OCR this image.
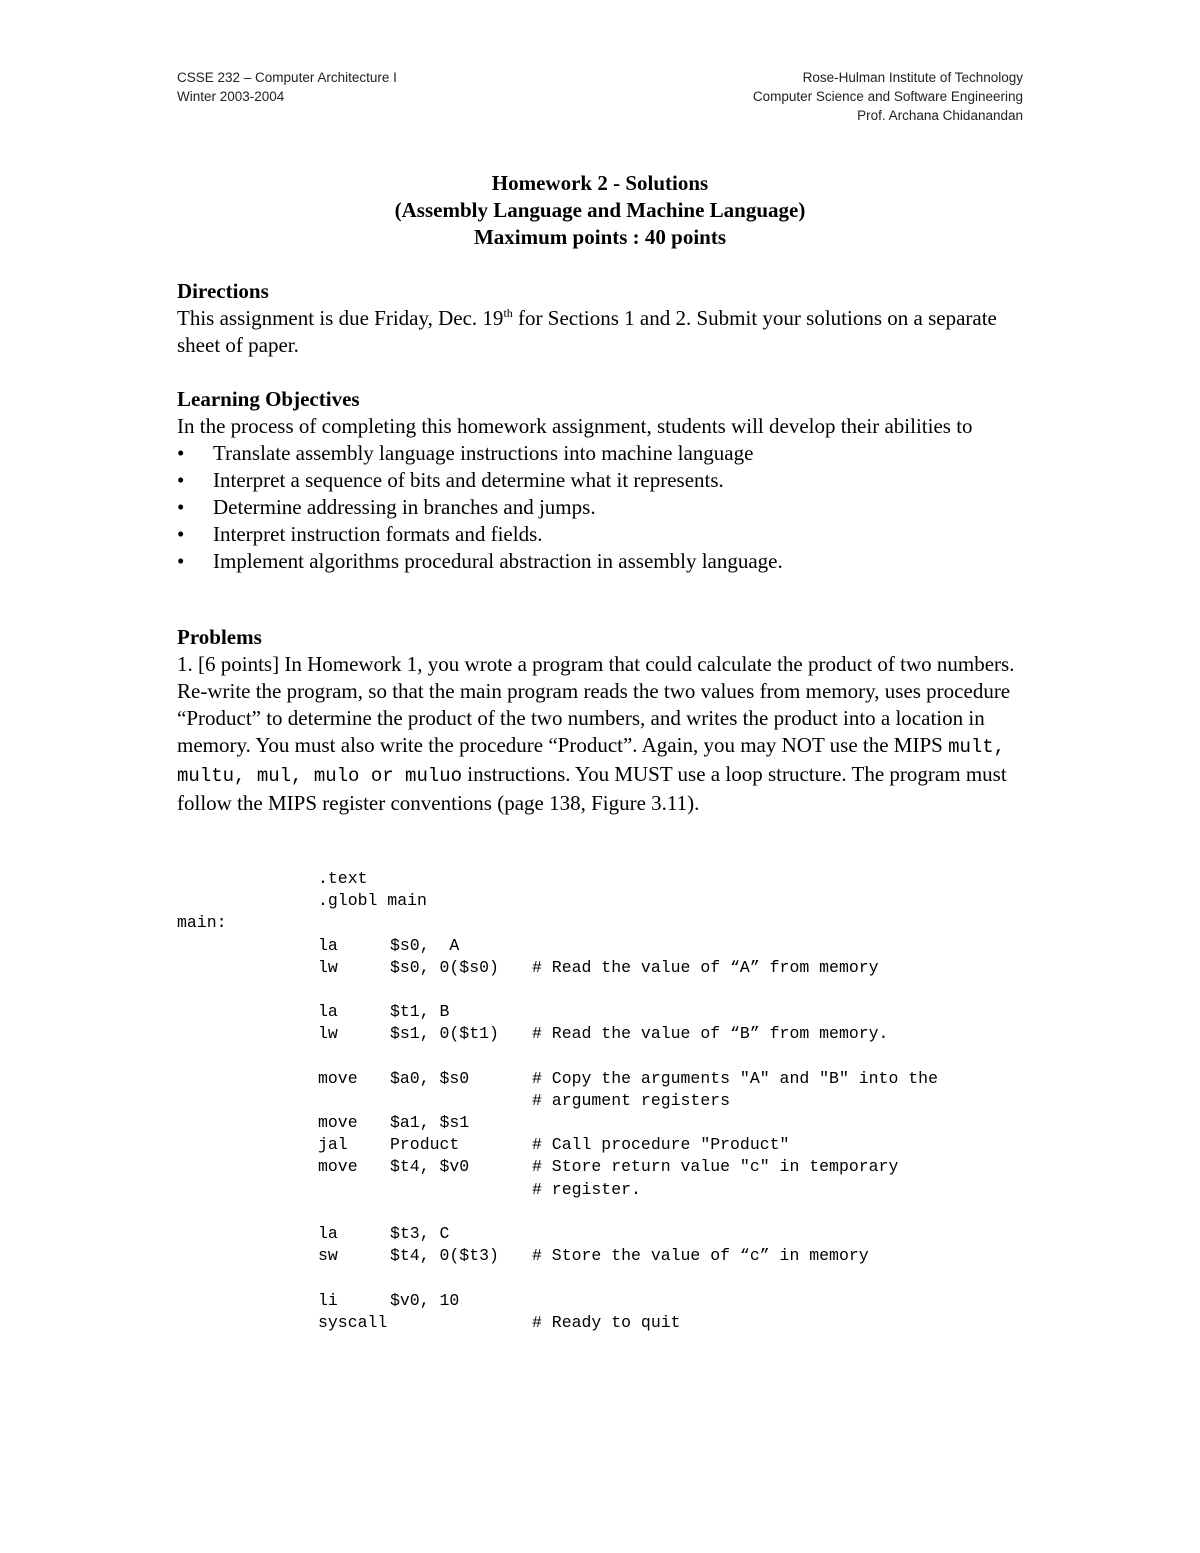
CSSE 232 – Computer Architecture I
Winter 2003-2004
Rose-Hulman Institute of Technology
Computer Science and Software Engineering
Prof. Archana Chidanandan
Homework 2 - Solutions
(Assembly Language and Machine Language)
Maximum points : 40 points
Directions

This assignment is due Friday, Dec. 19th for Sections 1 and 2. Submit your solutions on a separate sheet of paper.

Learning Objectives

In the process of completing this homework assignment, students will develop their abilities to

• Translate assembly language instructions into machine language
• Interpret a sequence of bits and determine what it represents.
• Determine addressing in branches and jumps.
• Interpret instruction formats and fields.
• Implement algorithms procedural abstraction in assembly language.
Problems

1. [6 points] In Homework 1, you wrote a program that could calculate the product of two numbers. Re-write the program, so that the main program reads the two values from memory, uses procedure “Product” to determine the product of the two numbers, and writes the product into a location in memory. You must also write the procedure “Product”. Again, you may NOT use the MIPS mult, multu, mul, mulo or muluo instructions. You MUST use a loop structure. The program must follow the MIPS register conventions (page 138, Figure 3.11).

.text
.globl main
main:
la	$s0,  A
lw	$s0, 0($s0)	# Read the value of “A” from memory
la	$t1, B
lw	$s1, 0($t1)	# Read the value of “B” from memory.
move	$a0, $s0	# Copy the arguments "A" and "B" into the
# argument registers
move	$a1, $s1
jal	Product	# Call procedure "Product"
move	$t4, $v0	# Store return value "c" in temporary
# register.
la	$t3, C
sw	$t4, 0($t3)	# Store the value of “c” in memory
li	$v0, 10
syscall	# Ready to quit
